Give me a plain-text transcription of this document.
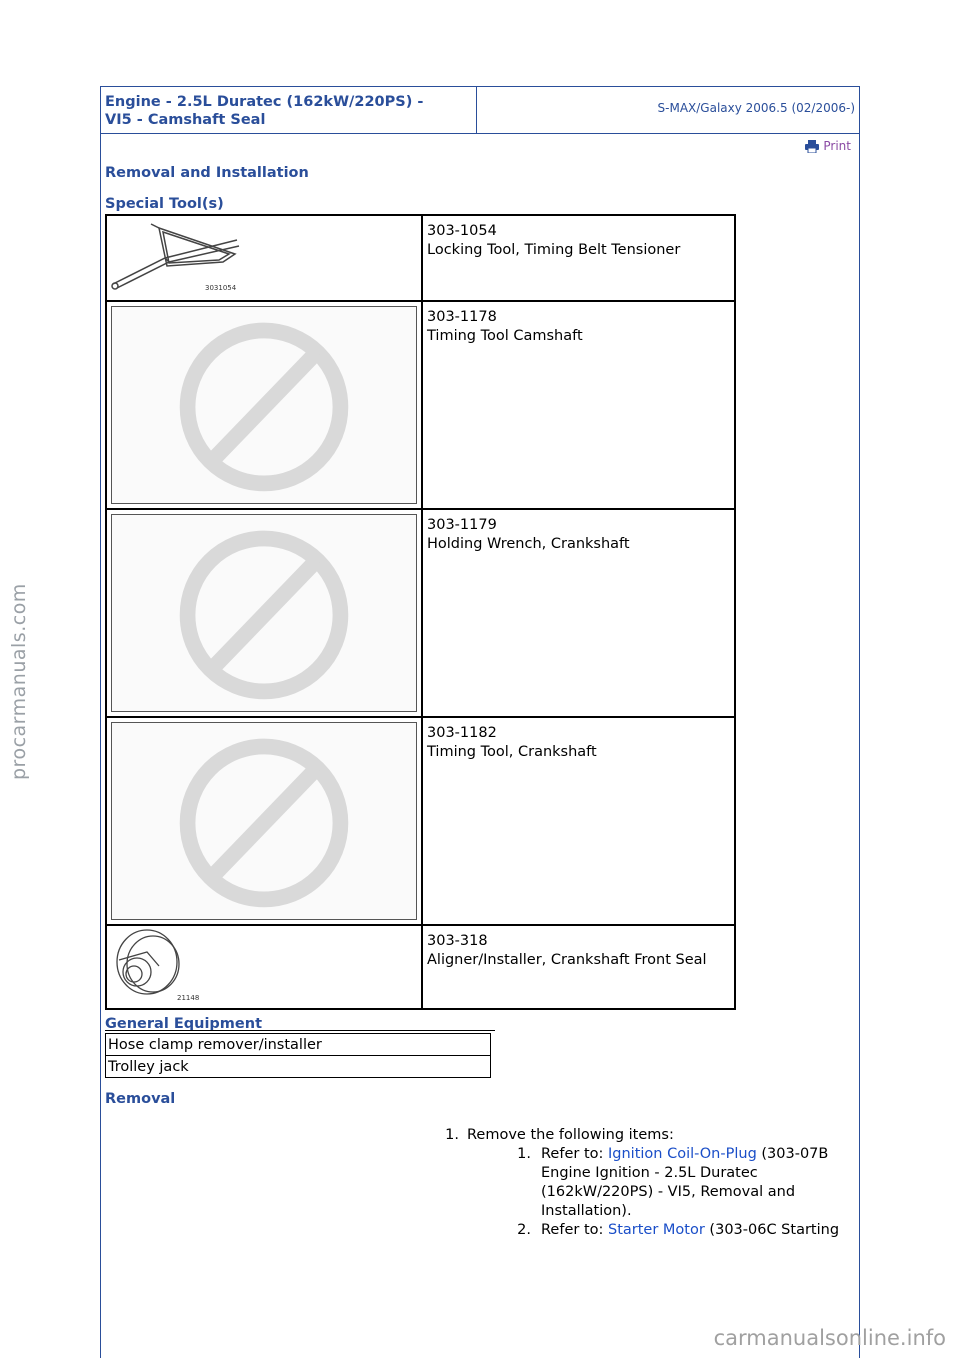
Engine - 2.5L Duratec (162kW/220PS) -
VI5 - Camshaft Seal
S-MAX/Galaxy 2006.5 (02/2006-)
Print
Removal and Installation
Special Tool(s)
3031054	303-1054
Locking Tool, Timing Belt Tensioner

303-1178
Timing Tool Camshaft

303-1179
Holding Wrench, Crankshaft

303-1182
Timing Tool, Crankshaft

21148	303-318
Aligner/Installer, Crankshaft Front Seal
General Equipment
Hose clamp remover/installer
Trolley jack
Removal
1. Remove the following items:
1. Refer to: Ignition Coil-On-Plug (303-07B
Engine Ignition - 2.5L Duratec
(162kW/220PS) - VI5, Removal and
Installation).
2. Refer to: Starter Motor (303-06C Starting
procarmanuals.com
carmanualsonline.info
